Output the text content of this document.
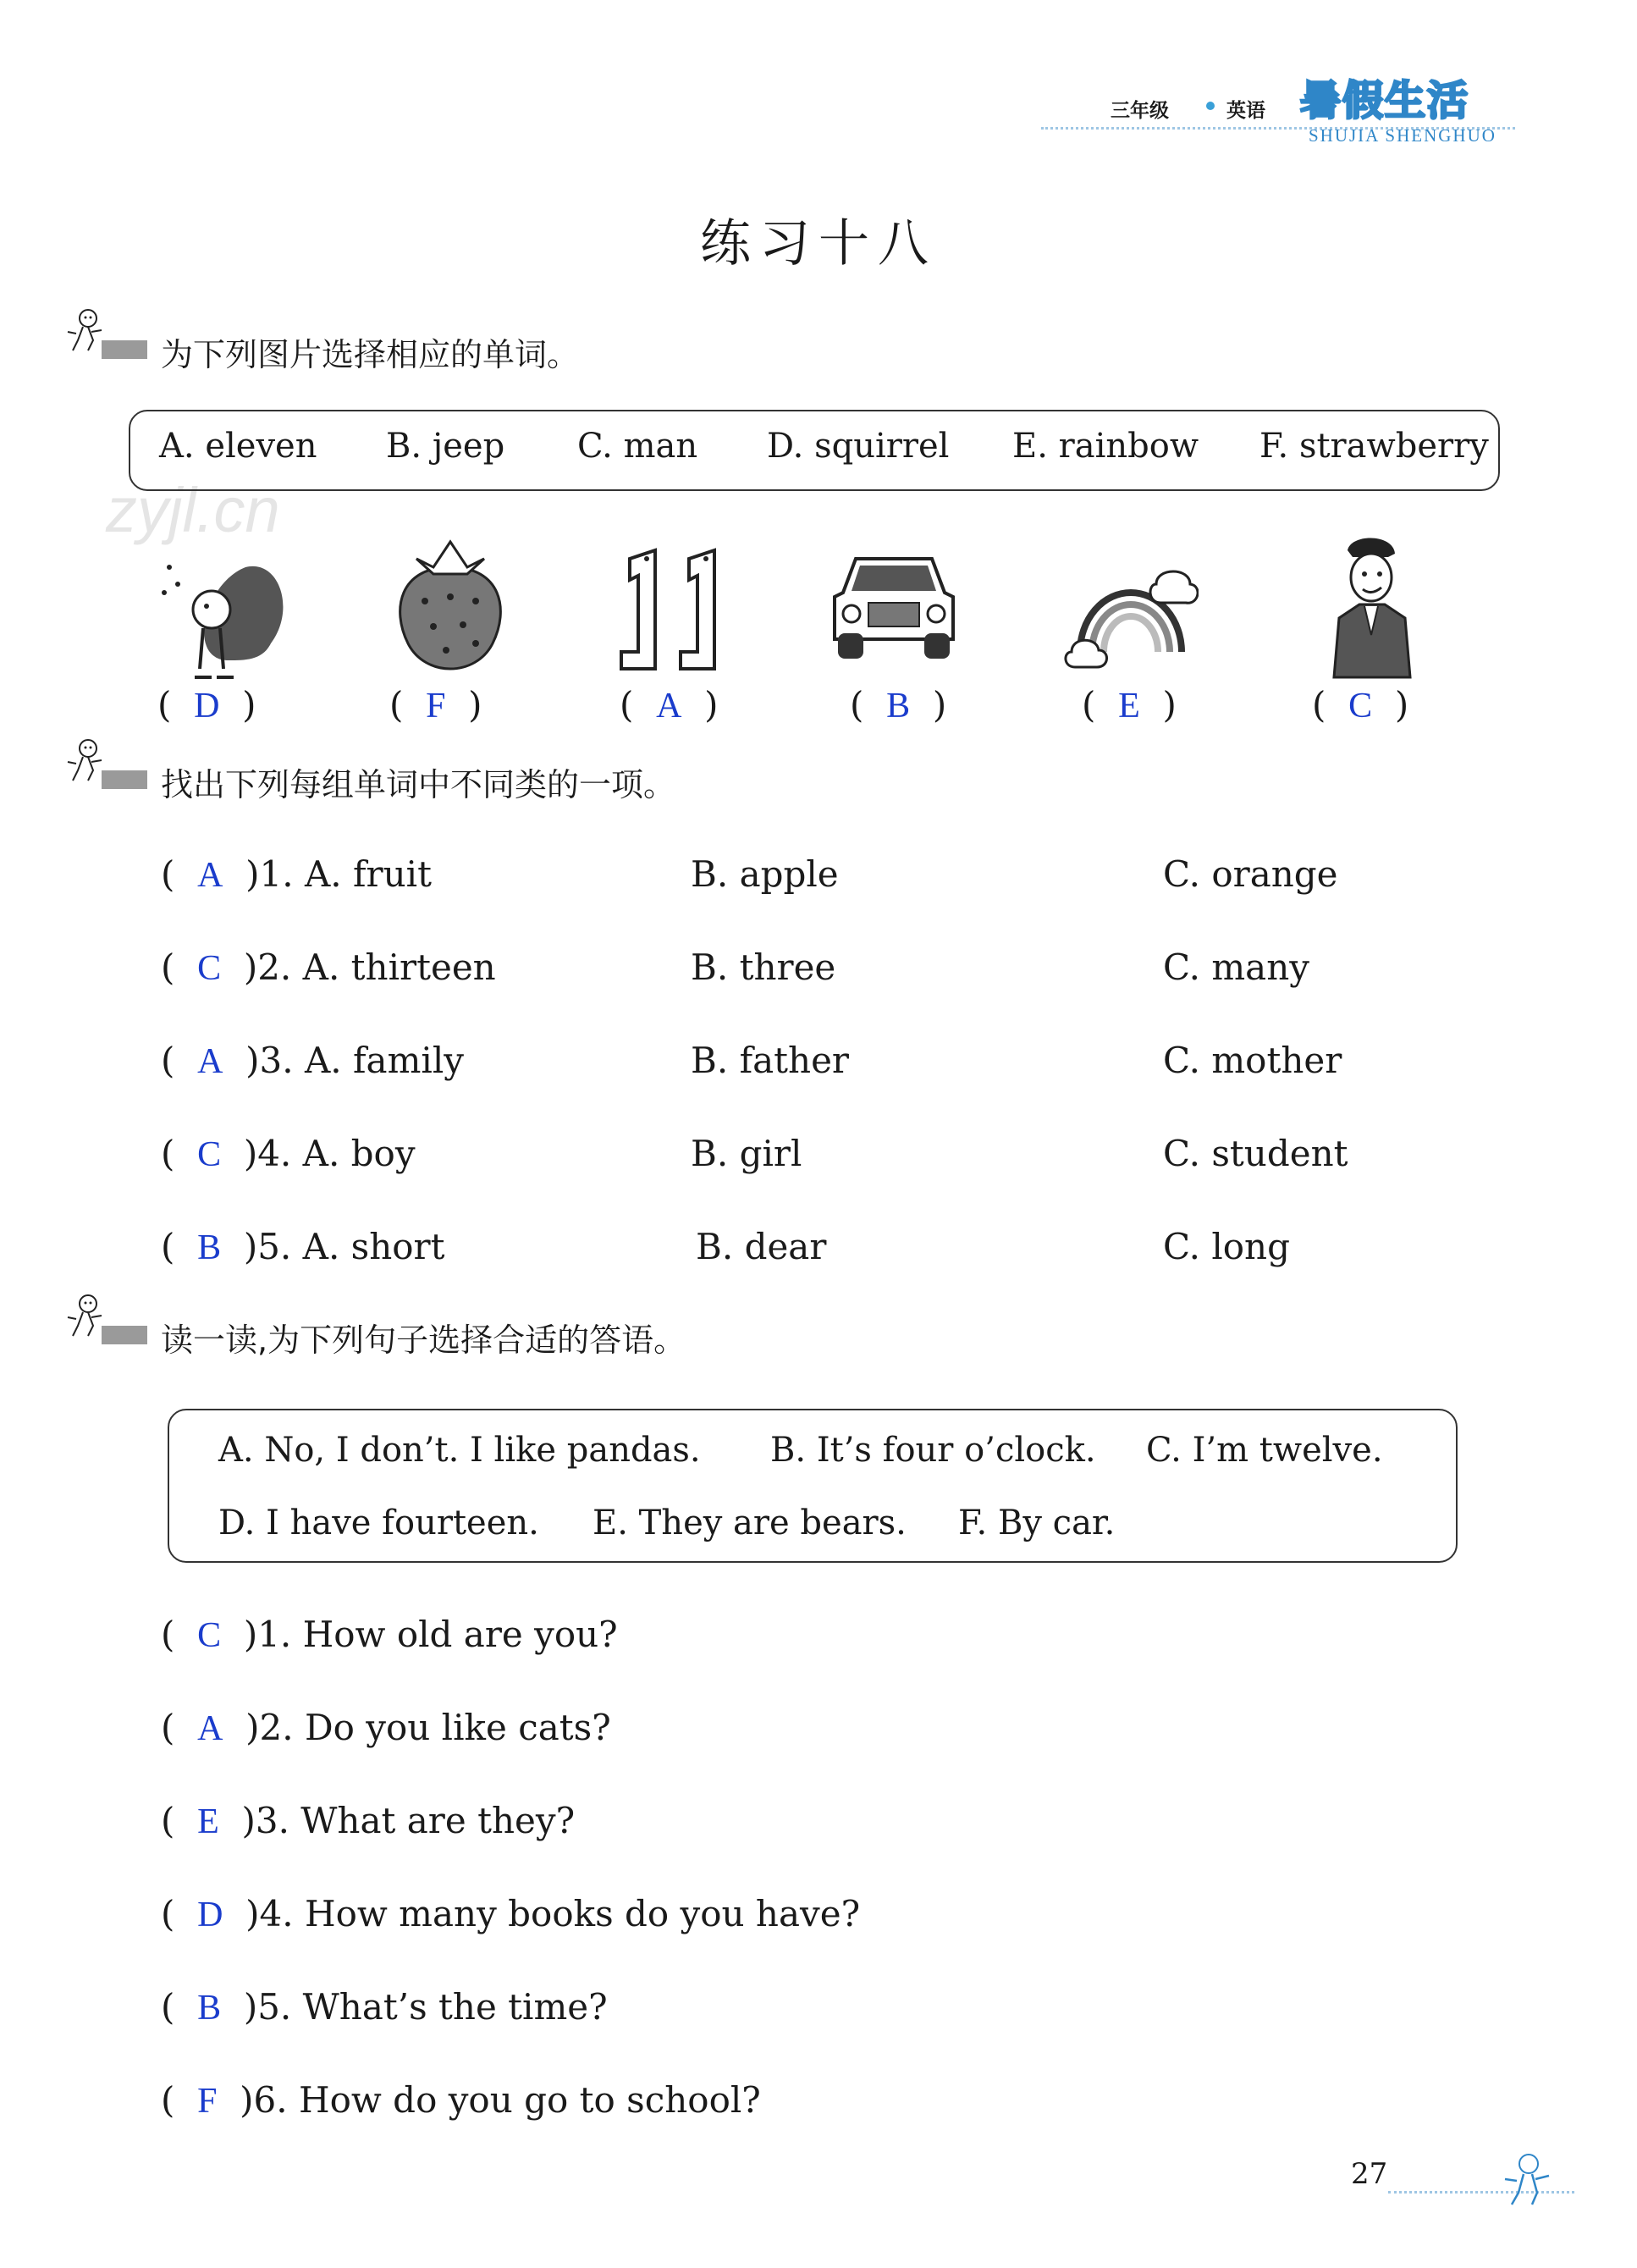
三年级	英语 暑假生活
SHUJIA SHENGHUO
zyjl.cn
练习十八
为下列图片选择相应的单词。
A. eleven B. jeep C. man D. squirrel E. rainbow F. strawberry
( D )	( F )	( A )	( B )	( E )	( C )
找出下列每组单词中不同类的一项。
( A )1. A. fruit	B. apple	C. orange
( C )2. A. thirteen	B. three	C. many
( A )3. A. family	B. father	C. mother
( C )4. A. boy	B. girl	C. student
( B )5. A. short	B. dear	C. long
读一读,为下列句子选择合适的答语。
A. No, I don’t. I like pandas. B. It’s four o’clock. C. I’m twelve.
D. I have fourteen. E. They are bears. F. By car.
( C )1. How old are you?
( A )2. Do you like cats?
( E )3. What are they?
( D )4. How many books do you have?
( B )5. What’s the time?
( F )6. How do you go to school?
27
